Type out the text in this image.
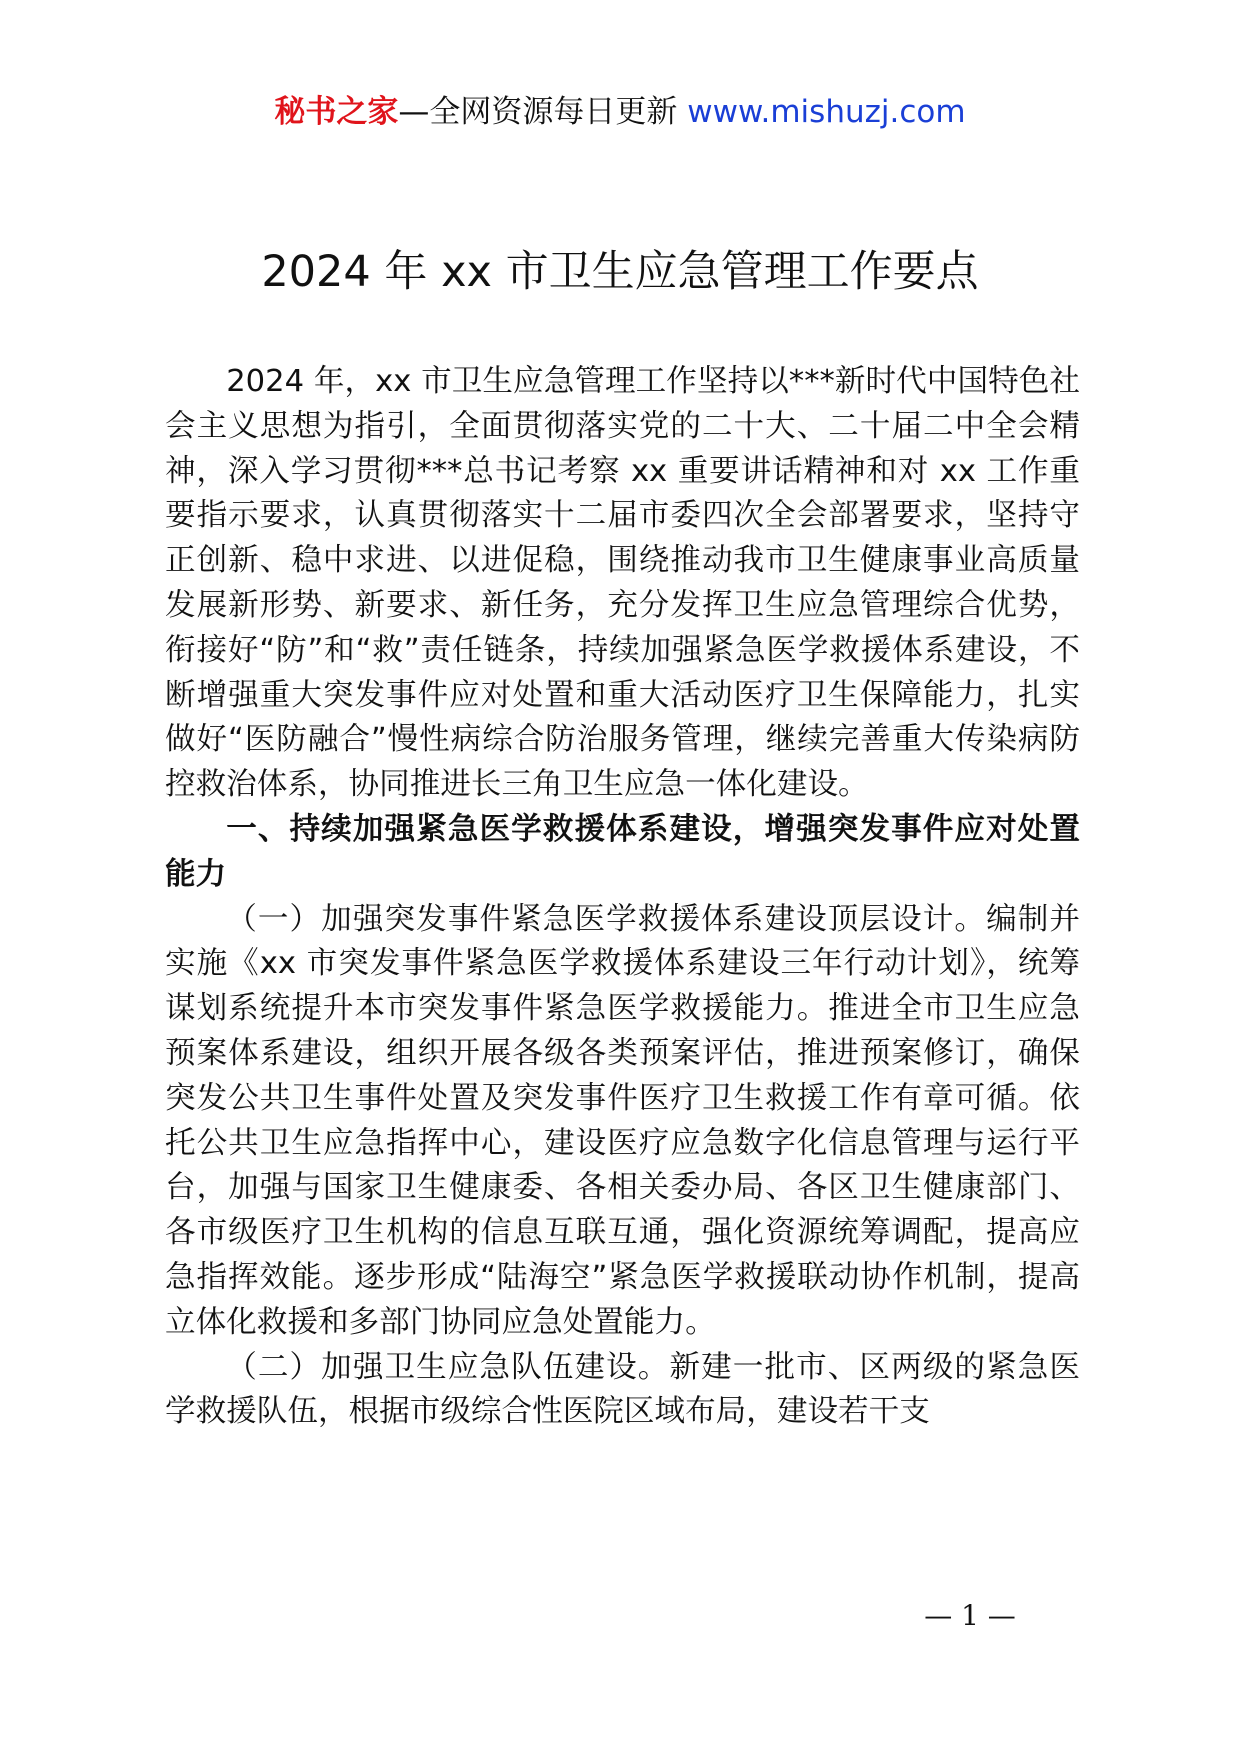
秘书之家—全网资源每日更新 www.mishuzj.com
2024 年 xx 市卫生应急管理工作要点

2024 年，xx 市卫生应急管理工作坚持以***新时代中国特色社会主义思想为指引，全面贯彻落实党的二十大、二十届二中全会精神，深入学习贯彻***总书记考察 xx 重要讲话精神和对 xx 工作重要指示要求，认真贯彻落实十二届市委四次全会部署要求，坚持守正创新、稳中求进、以进促稳，围绕推动我市卫生健康事业高质量发展新形势、新要求、新任务，充分发挥卫生应急管理综合优势，衔接好“防”和“救”责任链条，持续加强紧急医学救援体系建设，不断增强重大突发事件应对处置和重大活动医疗卫生保障能力，扎实做好“医防融合”慢性病综合防治服务管理，继续完善重大传染病防控救治体系，协同推进长三角卫生应急一体化建设。

一、持续加强紧急医学救援体系建设，增强突发事件应对处置能力

（一）加强突发事件紧急医学救援体系建设顶层设计。编制并实施《xx 市突发事件紧急医学救援体系建设三年行动计划》，统筹谋划系统提升本市突发事件紧急医学救援能力。推进全市卫生应急预案体系建设，组织开展各级各类预案评估，推进预案修订，确保突发公共卫生事件处置及突发事件医疗卫生救援工作有章可循。依托公共卫生应急指挥中心，建设医疗应急数字化信息管理与运行平台，加强与国家卫生健康委、各相关委办局、各区卫生健康部门、各市级医疗卫生机构的信息互联互通，强化资源统筹调配，提高应急指挥效能。逐步形成“陆海空”紧急医学救援联动协作机制，提高立体化救援和多部门协同应急处置能力。

（二）加强卫生应急队伍建设。新建一批市、区两级的紧急医学救援队伍，根据市级综合性医院区域布局，建设若干支

— 1 —
